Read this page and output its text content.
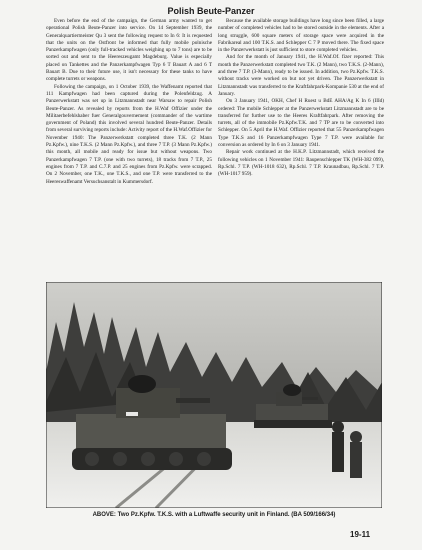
Polish Beute-Panzer

Even before the end of the campaign, the German army wanted to get operational Polish Beute-Panzer into service. On 14 September 1939, the Generalquartiermeister Qu 3 sent the following request to In 6: It is requested that the units on the Ostfront be informed that fully mobile polnische Panzerkampfwagen (only full-tracked vehicles weighing up to 7 tons) are to be sorted out and sent to the Heereszeugamt Magdeburg. Value is especially placed on Tankettes and the Panzerkampfwagen Typ 6 T Bauart A and 6 T Bauart B. Due to their future use, it isn't necessary for these tanks to have complete turrets or weapons.

Following the campaign, on 1 October 1939, the Waffenamt reported that 111 Kampfwagen had been captured during the Polenfeldzug. A Panzerwerkstatt was set up in Litzmannstadt near Warsaw to repair Polish Beute-Panzer. As revealed by reports from the H.Waf Offizier under the Militaerbefehlshaber fuer Generalgouvernement (commander of the wartime government of Poland) this involved several hundred Beute-Panzer. Details from several surviving reports include: Activity report of the H.Waf.Offizier for November 1940: The Panzerwerkstatt completed three T.K. (2 Mann Pz.Kpfw.), nine T.K.S. (2 Mann Pz.Kpfw.), and three 7 T.P. (3 Mann Pz.Kpfw.) this month, all mobile and ready for issue but without weapons. Two Panzerkampfwagen 7 T.P. (one with two turrets), 18 tracks from 7 T.P., 25 engines from 7 T.P. and C.7.P. and 25 engines from Pz.Kpfw. were scrapped. On 2 November, one T.K., one T.K.S., and one T.P. were transferred to the Heereswaffenamt Versuchsanstalt in Kummersdorf.

Because the available storage buildings have long since been filled, a large number of completed vehicles had to be stored outside in the elements. After a long struggle, 600 square meters of storage space were acquired in the Fabrikareal and 100 T.K.S. and Schlepper C 7 P moved there. The fixed space in the Panzerwerkstatt is just sufficient to store completed vehicles.

And for the month of January 1941, the H.Waf.Of. fizer reported: This month the Panzerwerkstatt completed two T.K. (2 Mann), two T.K.S. (2-Mann), and three 7 T.P. (3-Mann), ready to be issued. In addition, two Pz.Kpfw. T.K.S. without tracks were worked on but not yet driven. The Panzerwerkstatt in Litzmannstadt was transferred to the Kraftfahrpark-Kompanie 530 at the end of January.

On 3 January 1941, OKH, Chef H Ruest u BdE AHA/Ag K In 6 (IIId) ordered: The mobile Schlepper at the Panzerwerkstatt Litzmannstadt are to be transferred for further use to the Heeres Kraftfahrpark. After removing the turrets, all of the immobile Pz.Kpfw.T.K. and 7 TP are to be converted into Schlepper. On 5 April the H.Waf. Offizier reported that 55 Panzerkampfwagen Type T.K.S and 16 Panzerkampfwagen Type 7 T.P. were available for conversion as ordered by In 6 on 3 January 1941.

Repair work continued at the H.K.P. Litzmannstadt, which received the following vehicles on 1 November 1941: Raupenschlepper TK (WH-382 099), Rp.Schl. 7 T.P. (WH-1018 632), Rp.Schl. 7 T.P. Kraunadbau, Rp.Schl. 7 T.P. (WH-1017 959).

ABOVE: Two Pz.Kpfw. T.K.S. with a Luftwaffe security unit in Finland. (BA 509/166/34)
19-11
